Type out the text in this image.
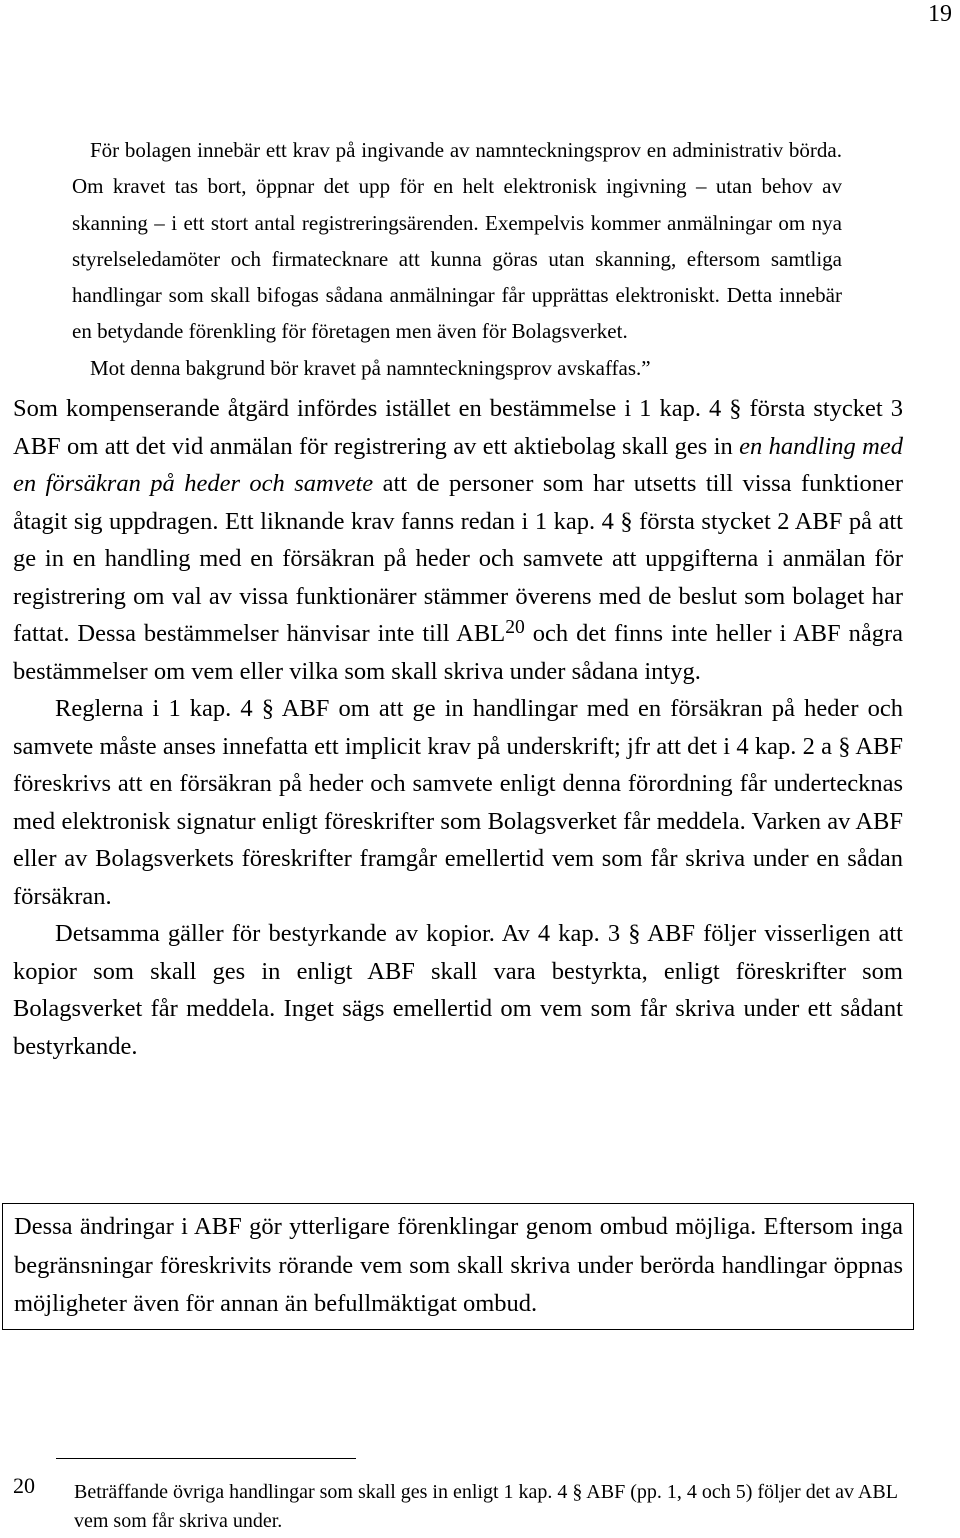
19

För bolagen innebär ett krav på ingivande av namnteckningsprov en administrativ börda. Om kravet tas bort, öppnar det upp för en helt elektronisk ingivning – utan behov av skanning – i ett stort antal registreringsärenden. Exempelvis kommer anmälningar om nya styrelseledamöter och firmatecknare att kunna göras utan skanning, eftersom samtliga handlingar som skall bifogas sådana anmälningar får upprättas elektroniskt. Detta innebär en betydande förenkling för företagen men även för Bolagsverket.

Mot denna bakgrund bör kravet på namnteckningsprov avskaffas.”

Som kompenserande åtgärd infördes istället en bestämmelse i 1 kap. 4 § första stycket 3 ABF om att det vid anmälan för registrering av ett aktiebolag skall ges in en handling med en försäkran på heder och samvete att de personer som har utsetts till vissa funktioner åtagit sig uppdragen. Ett liknande krav fanns redan i 1 kap. 4 § första stycket 2 ABF på att ge in en handling med en försäkran på heder och samvete att uppgifterna i anmälan för registrering om val av vissa funktionärer stämmer överens med de beslut som bolaget har fattat. Dessa bestämmelser hänvisar inte till ABL$^{20}$ och det finns inte heller i ABF några bestämmelser om vem eller vilka som skall skriva under sådana intyg.

Reglerna i 1 kap. 4 § ABF om att ge in handlingar med en försäkran på heder och samvete måste anses innefatta ett implicit krav på underskrift; jfr att det i 4 kap. 2 a § ABF föreskrivs att en försäkran på heder och samvete enligt denna förordning får undertecknas med elektronisk signatur enligt föreskrifter som Bolagsverket får meddela. Varken av ABF eller av Bolagsverkets föreskrifter framgår emellertid vem som får skriva under en sådan försäkran.

Detsamma gäller för bestyrkande av kopior. Av 4 kap. 3 § ABF följer visserligen att kopior som skall ges in enligt ABF skall vara bestyrkta, enligt föreskrifter som Bolagsverket får meddela. Inget sägs emellertid om vem som får skriva under ett sådant bestyrkande.

Dessa ändringar i ABF gör ytterligare förenklingar genom ombud möjliga. Eftersom inga begränsningar föreskrivits rörande vem som skall skriva under berörda handlingar öppnas möjligheter även för annan än befullmäktigat ombud.

20 Beträffande övriga handlingar som skall ges in enligt 1 kap. 4 § ABF (pp. 1, 4 och 5) följer det av ABL vem som får skriva under.
